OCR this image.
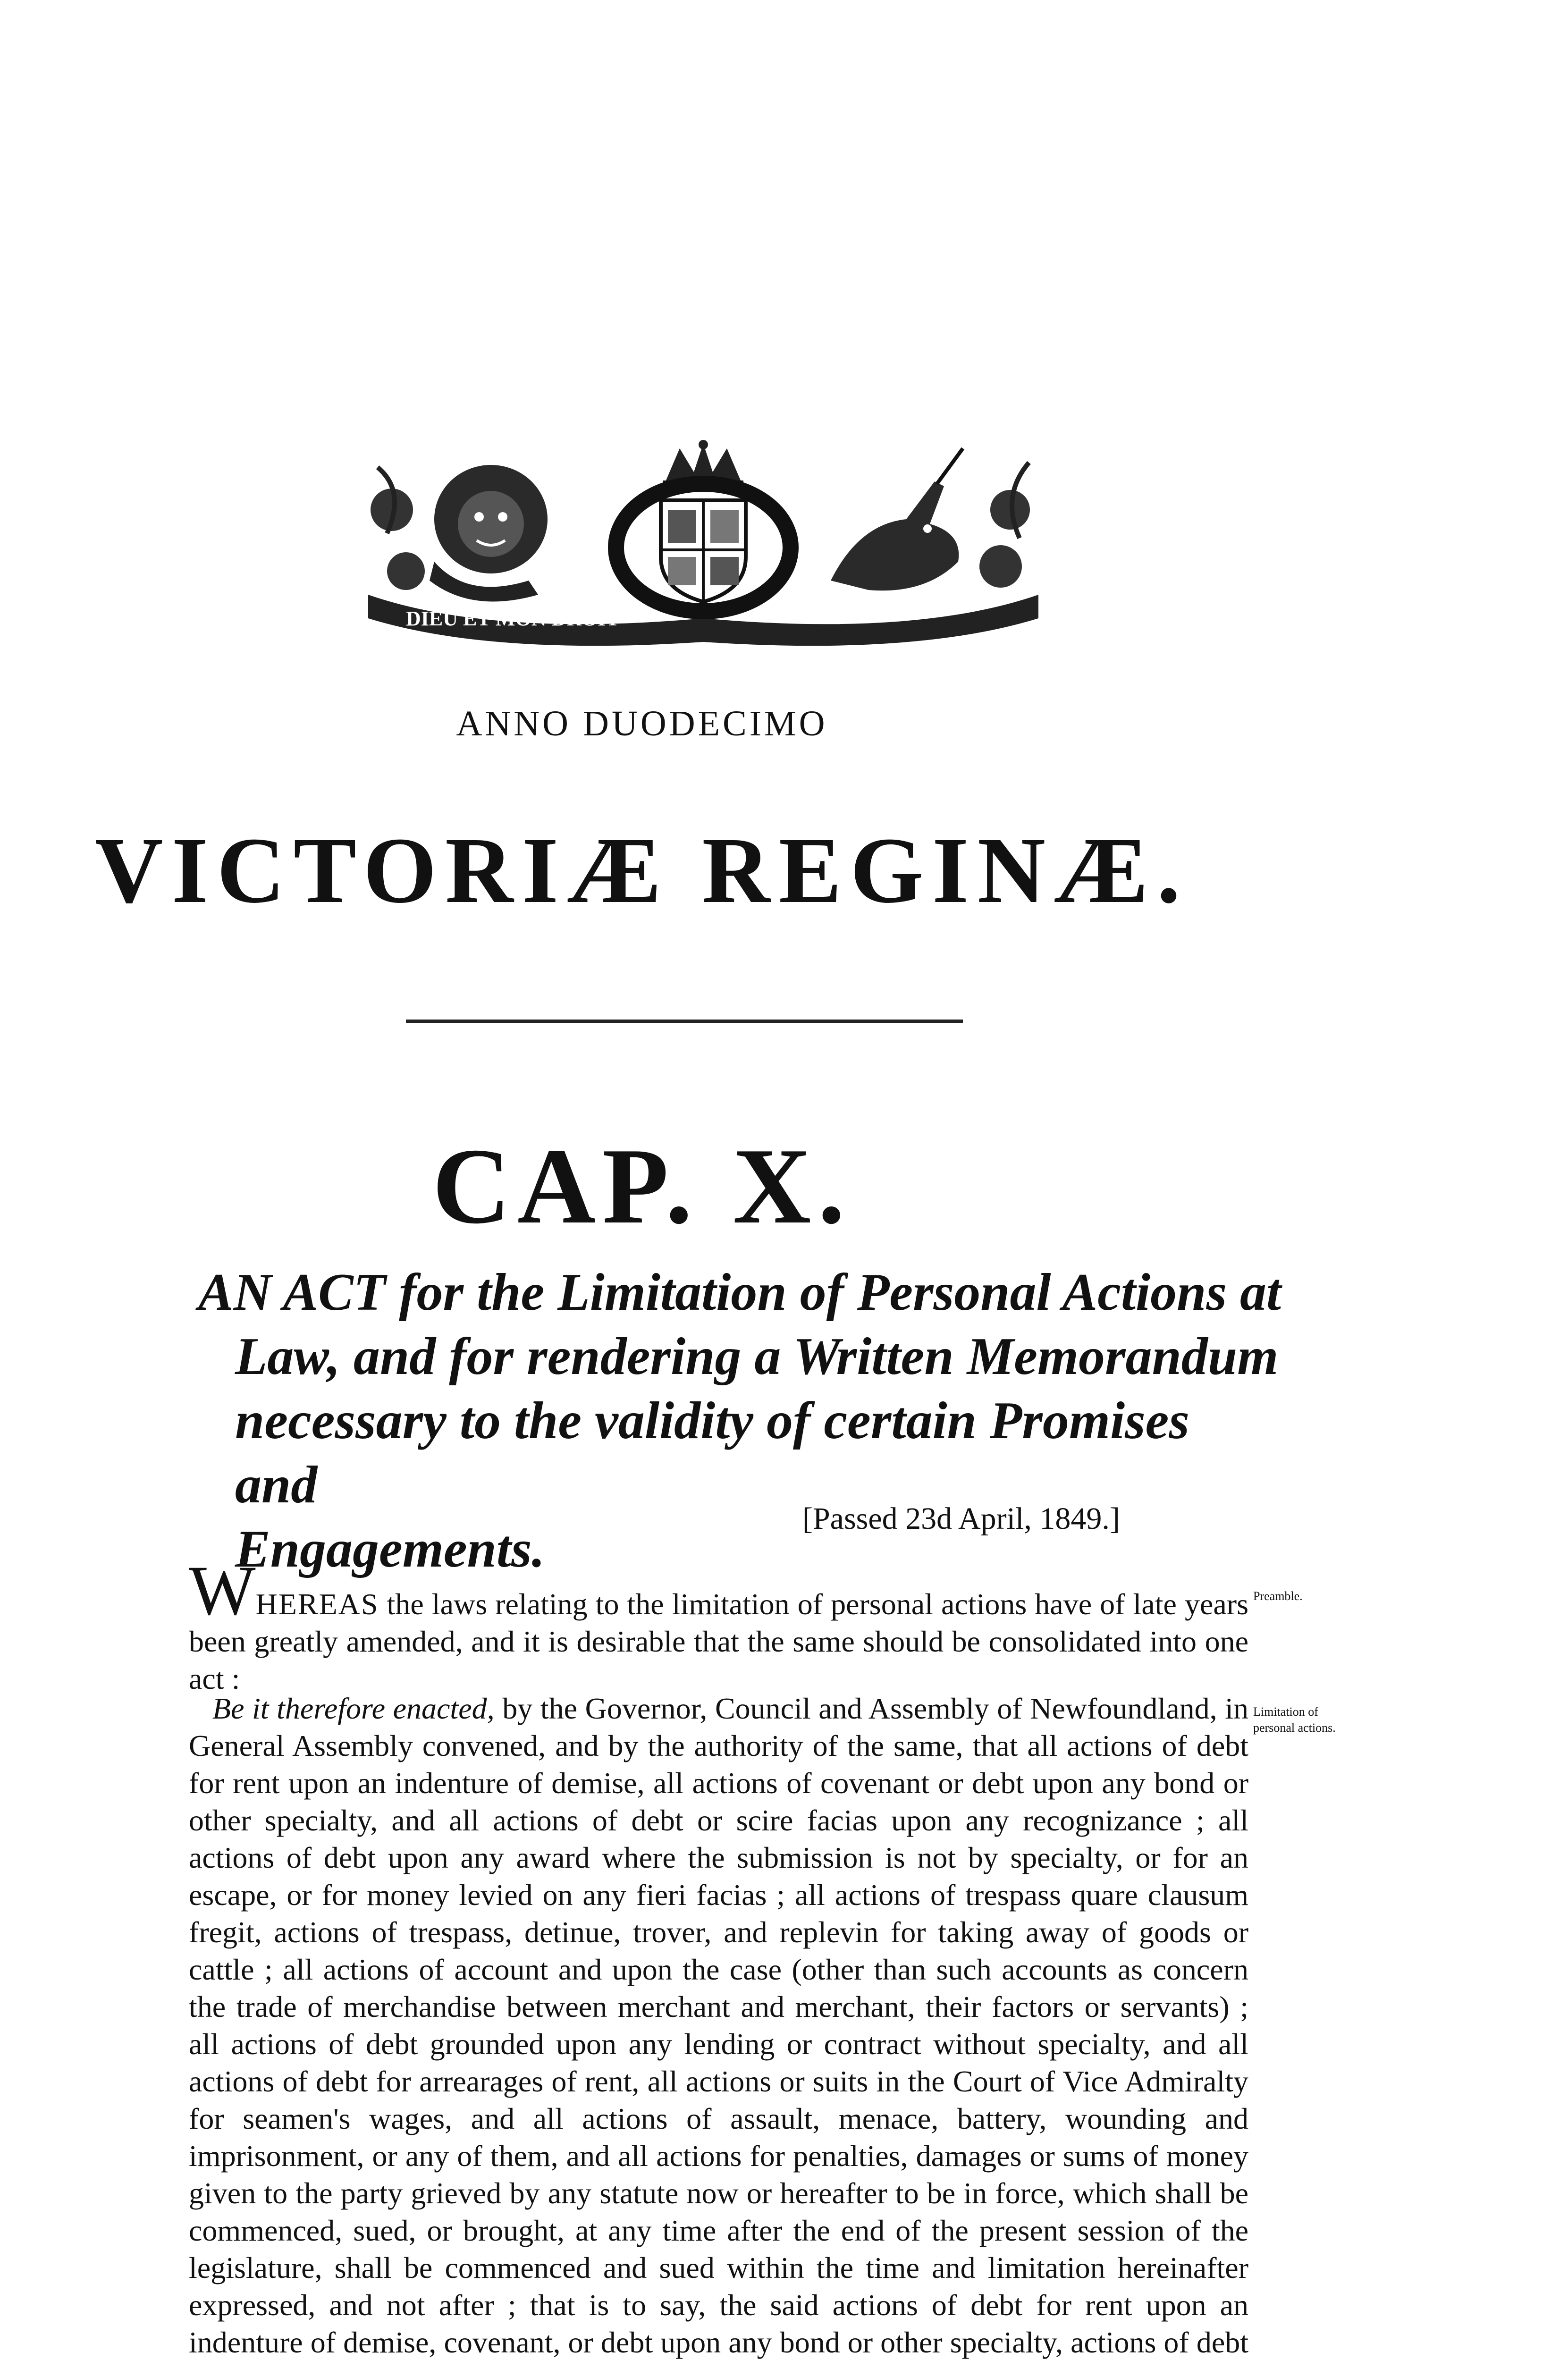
DIEU ET MON DROIT
ANNO DUODECIMO
VICTORIÆ REGINÆ.
CAP. X.
AN ACT for the Limitation of Personal Actions at
Law, and for rendering a Written Memorandum
necessary to the validity of certain Promises and
Engagements.
[Passed 23d April, 1849.]
WHEREAS the laws relating to the limitation of personal actions have of late years been greatly amended, and it is desirable that the same should be consolidated into one act :
Preamble.
Be it therefore enacted, by the Governor, Council and Assembly of Newfoundland, in General Assembly convened, and by the authority of the same, that all actions of debt for rent upon an indenture of demise, all actions of covenant or debt upon any bond or other specialty, and all actions of debt or scire facias upon any recognizance ; all actions of debt upon any award where the submission is not by specialty, or for an escape, or for money levied on any fieri facias ; all actions of trespass quare clausum fregit, actions of trespass, detinue, trover, and replevin for taking away of goods or cattle ; all actions of account and upon the case (other than such accounts as concern the trade of merchandise between merchant and merchant, their factors or servants) ; all actions of debt grounded upon any lending or contract without specialty, and all actions of debt for arrearages of rent, all actions or suits in the Court of Vice Admiralty for seamen's wages, and all actions of assault, menace, battery, wounding and imprisonment, or any of them, and all actions for penalties, damages or sums of money given to the party grieved by any statute now or hereafter to be in force, which shall be commenced, sued, or brought, at any time after the end of the present session of the legislature, shall be commenced and sued within the time and limitation hereinafter expressed, and not after ; that is to say, the said actions of debt for rent upon an indenture of demise, covenant, or debt upon any bond or other specialty, actions of debt
Limitation of
personal actions.
